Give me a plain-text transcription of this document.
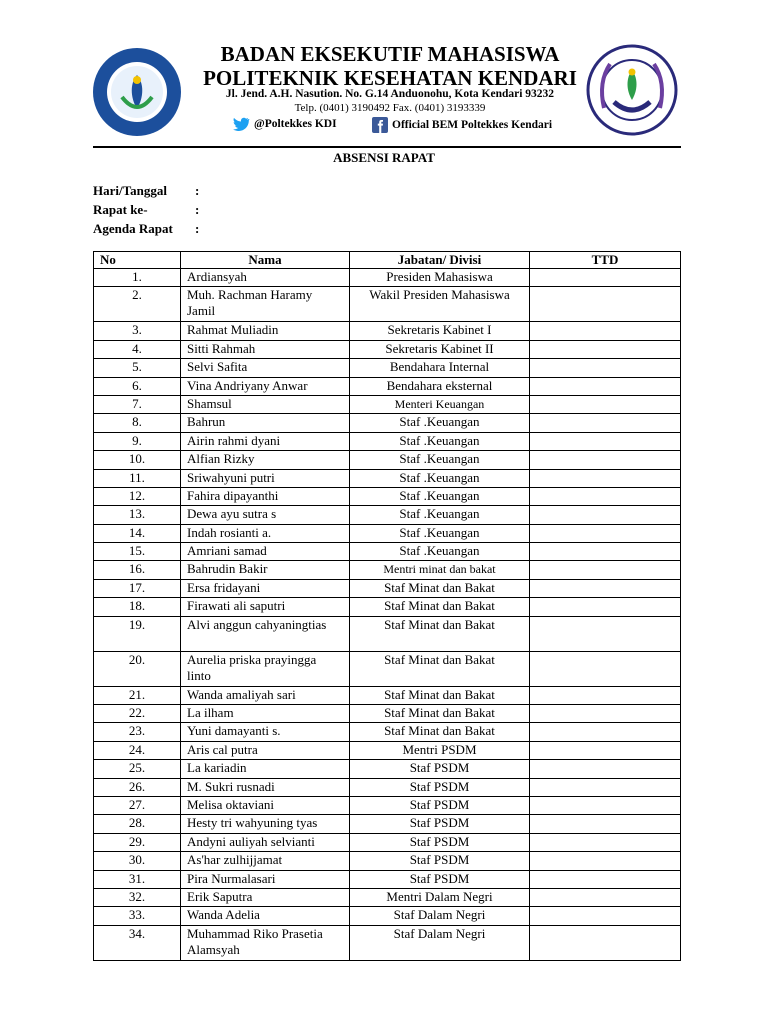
BADAN EKSEKUTIF MAHASISWA
POLITEKNIK KESEHATAN KENDARI
Jl. Jend. A.H. Nasution. No. G.14 Anduonohu, Kota Kendari 93232
Telp. (0401) 3190492 Fax. (0401) 3193339
@Poltekkes KDI	Official BEM Poltekkes Kendari
ABSENSI RAPAT
Hari/Tanggal :
Rapat ke-	:
Agenda Rapat :
No	Nama	Jabatan/ Divisi	TTD
1.	Ardiansyah	Presiden Mahasiswa	
2.	Muh. Rachman Haramy Jamil	Wakil Presiden Mahasiswa	
3.	Rahmat Muliadin	Sekretaris Kabinet I	
4.	Sitti Rahmah	Sekretaris Kabinet II	
5.	Selvi Safita	Bendahara Internal	
6.	Vina Andriyany Anwar	Bendahara eksternal	
7.	Shamsul	Menteri Keuangan	
8.	Bahrun	Staf .Keuangan	
9.	Airin rahmi dyani	Staf .Keuangan	
10.	Alfian Rizky	Staf .Keuangan	
11.	Sriwahyuni putri	Staf .Keuangan	
12.	Fahira dipayanthi	Staf .Keuangan	
13.	Dewa ayu sutra s	Staf .Keuangan	
14.	Indah rosianti a.	Staf .Keuangan	
15.	Amriani samad	Staf .Keuangan	
16.	Bahrudin Bakir	Mentri minat dan bakat	
17.	Ersa fridayani	Staf Minat dan Bakat	
18.	Firawati ali saputri	Staf Minat dan Bakat	
19.	Alvi anggun cahyaningtias	Staf Minat dan Bakat	
20.	Aurelia priska prayingga linto	Staf Minat dan Bakat	
21.	Wanda amaliyah sari	Staf Minat dan Bakat	
22.	La ilham	Staf Minat dan Bakat	
23.	Yuni damayanti s.	Staf Minat dan Bakat	
24.	Aris cal putra	Mentri PSDM	
25.	La kariadin	Staf PSDM	
26.	M. Sukri rusnadi	Staf PSDM	
27.	Melisa oktaviani	Staf PSDM	
28.	Hesty tri wahyuning tyas	Staf PSDM	
29.	Andyni auliyah selvianti	Staf PSDM	
30.	As'har zulhijjamat	Staf PSDM	
31.	Pira Nurmalasari	Staf PSDM	
32.	Erik Saputra	Mentri Dalam Negri	
33.	Wanda Adelia	Staf Dalam Negri	
34.	Muhammad Riko Prasetia Alamsyah	Staf Dalam Negri	
